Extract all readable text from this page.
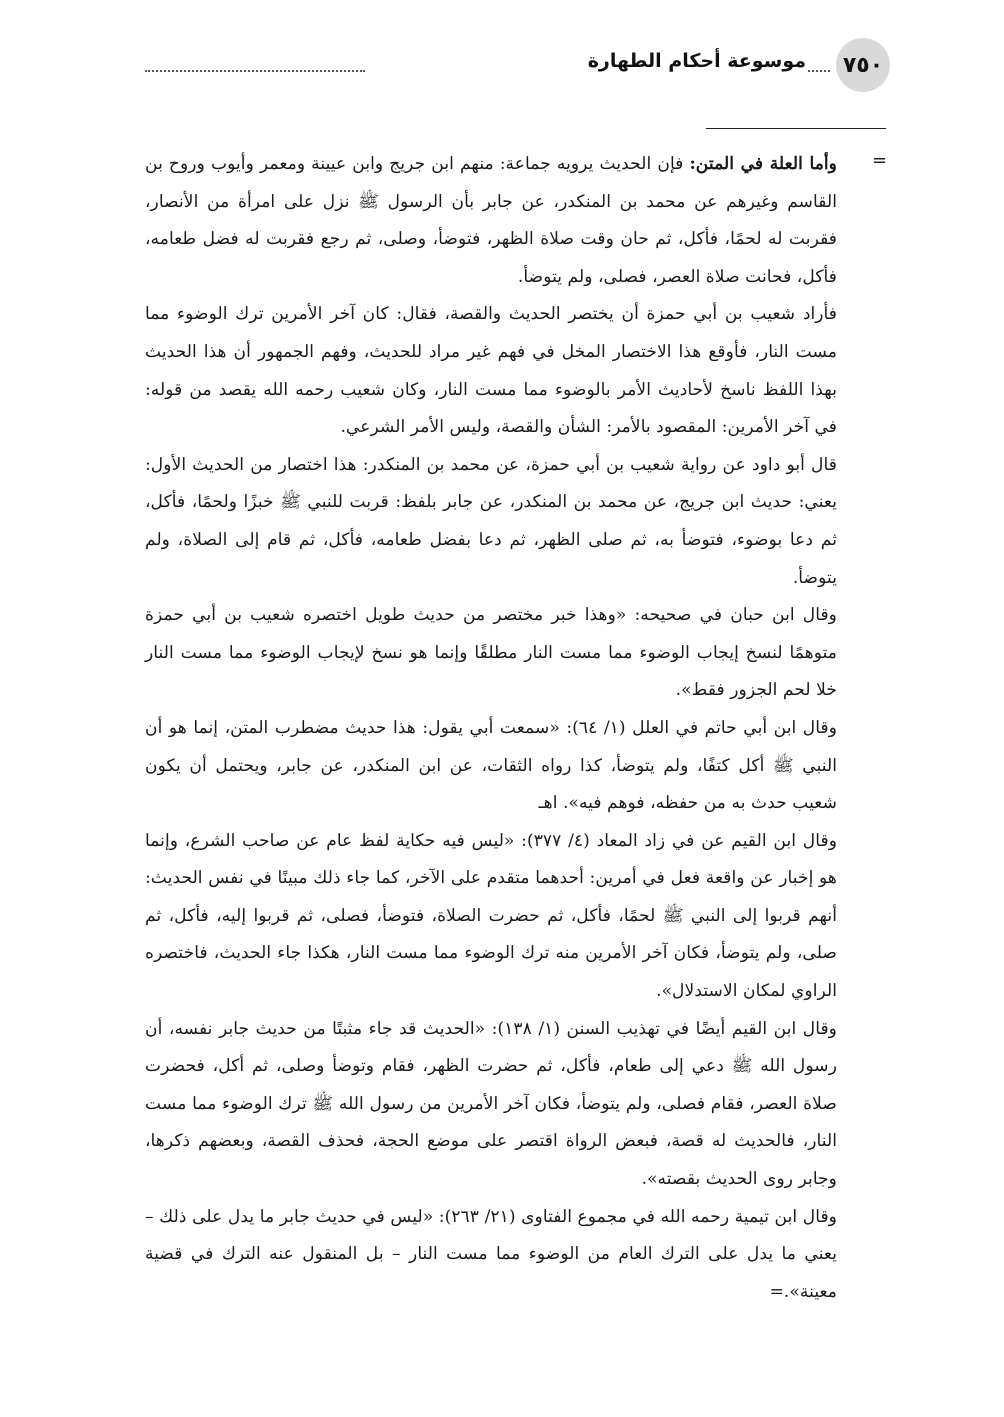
٧٥٠
موسوعة أحكام الطهارة
=

وأما العلة في المتن: فإن الحديث يرويه جماعة: منهم ابن جريج وابن عيينة ومعمر وأيوب وروح بن القاسم وغيرهم عن محمد بن المنكدر، عن جابر بأن الرسول ﷺ نزل على امرأة من الأنصار، فقربت له لحمًا، فأكل، ثم حان وقت صلاة الظهر، فتوضأ، وصلى، ثم رجع فقربت له فضل طعامه، فأكل، فحانت صلاة العصر، فصلى، ولم يتوضأ.

فأراد شعيب بن أبي حمزة أن يختصر الحديث والقصة، فقال: كان آخر الأمرين ترك الوضوء مما مست النار، فأوقع هذا الاختصار المخل في فهم غير مراد للحديث، وفهم الجمهور أن هذا الحديث بهذا اللفظ ناسخ لأحاديث الأمر بالوضوء مما مست النار، وكان شعيب رحمه الله يقصد من قوله: في آخر الأمرين: المقصود بالأمر: الشأن والقصة، وليس الأمر الشرعي.

قال أبو داود عن رواية شعيب بن أبي حمزة، عن محمد بن المنكدر: هذا اختصار من الحديث الأول: يعني: حديث ابن جريج، عن محمد بن المنكدر، عن جابر بلفظ: قربت للنبي ﷺ خبزًا ولحمًا، فأكل، ثم دعا بوضوء، فتوضأ به، ثم صلى الظهر، ثم دعا بفضل طعامه، فأكل، ثم قام إلى الصلاة، ولم يتوضأ.

وقال ابن حبان في صحيحه: «وهذا خبر مختصر من حديث طويل اختصره شعيب بن أبي حمزة متوهمًا لنسخ إيجاب الوضوء مما مست النار مطلقًا وإنما هو نسخ لإيجاب الوضوء مما مست النار خلا لحم الجزور فقط».

وقال ابن أبي حاتم في العلل (١/ ٦٤): «سمعت أبي يقول: هذا حديث مضطرب المتن، إنما هو أن النبي ﷺ أكل كتفًا، ولم يتوضأ، كذا رواه الثقات، عن ابن المنكدر، عن جابر، ويحتمل أن يكون شعيب حدث به من حفظه، فوهم فيه». اهـ

وقال ابن القيم عن في زاد المعاد (٤/ ٣٧٧): «ليس فيه حكاية لفظ عام عن صاحب الشرع، وإنما هو إخبار عن واقعة فعل في أمرين: أحدهما متقدم على الآخر، كما جاء ذلك مبينًا في نفس الحديث: أنهم قربوا إلى النبي ﷺ لحمًا، فأكل، ثم حضرت الصلاة، فتوضأ، فصلى، ثم قربوا إليه، فأكل، ثم صلى، ولم يتوضأ، فكان آخر الأمرين منه ترك الوضوء مما مست النار، هكذا جاء الحديث، فاختصره الراوي لمكان الاستدلال».

وقال ابن القيم أيضًا في تهذيب السنن (١/ ١٣٨): «الحديث قد جاء مثبتًا من حديث جابر نفسه، أن رسول الله ﷺ دعي إلى طعام، فأكل، ثم حضرت الظهر، فقام وتوضأ وصلى، ثم أكل، فحضرت صلاة العصر، فقام فصلى، ولم يتوضأ، فكان آخر الأمرين من رسول الله ﷺ ترك الوضوء مما مست النار، فالحديث له قصة، فبعض الرواة اقتصر على موضع الحجة، فحذف القصة، وبعضهم ذكرها، وجابر روى الحديث بقصته».

وقال ابن تيمية رحمه الله في مجموع الفتاوى (٢١/ ٢٦٣): «ليس في حديث جابر ما يدل على ذلك – يعني ما يدل على الترك العام من الوضوء مما مست النار – بل المنقول عنه الترك في قضية معينة».=
